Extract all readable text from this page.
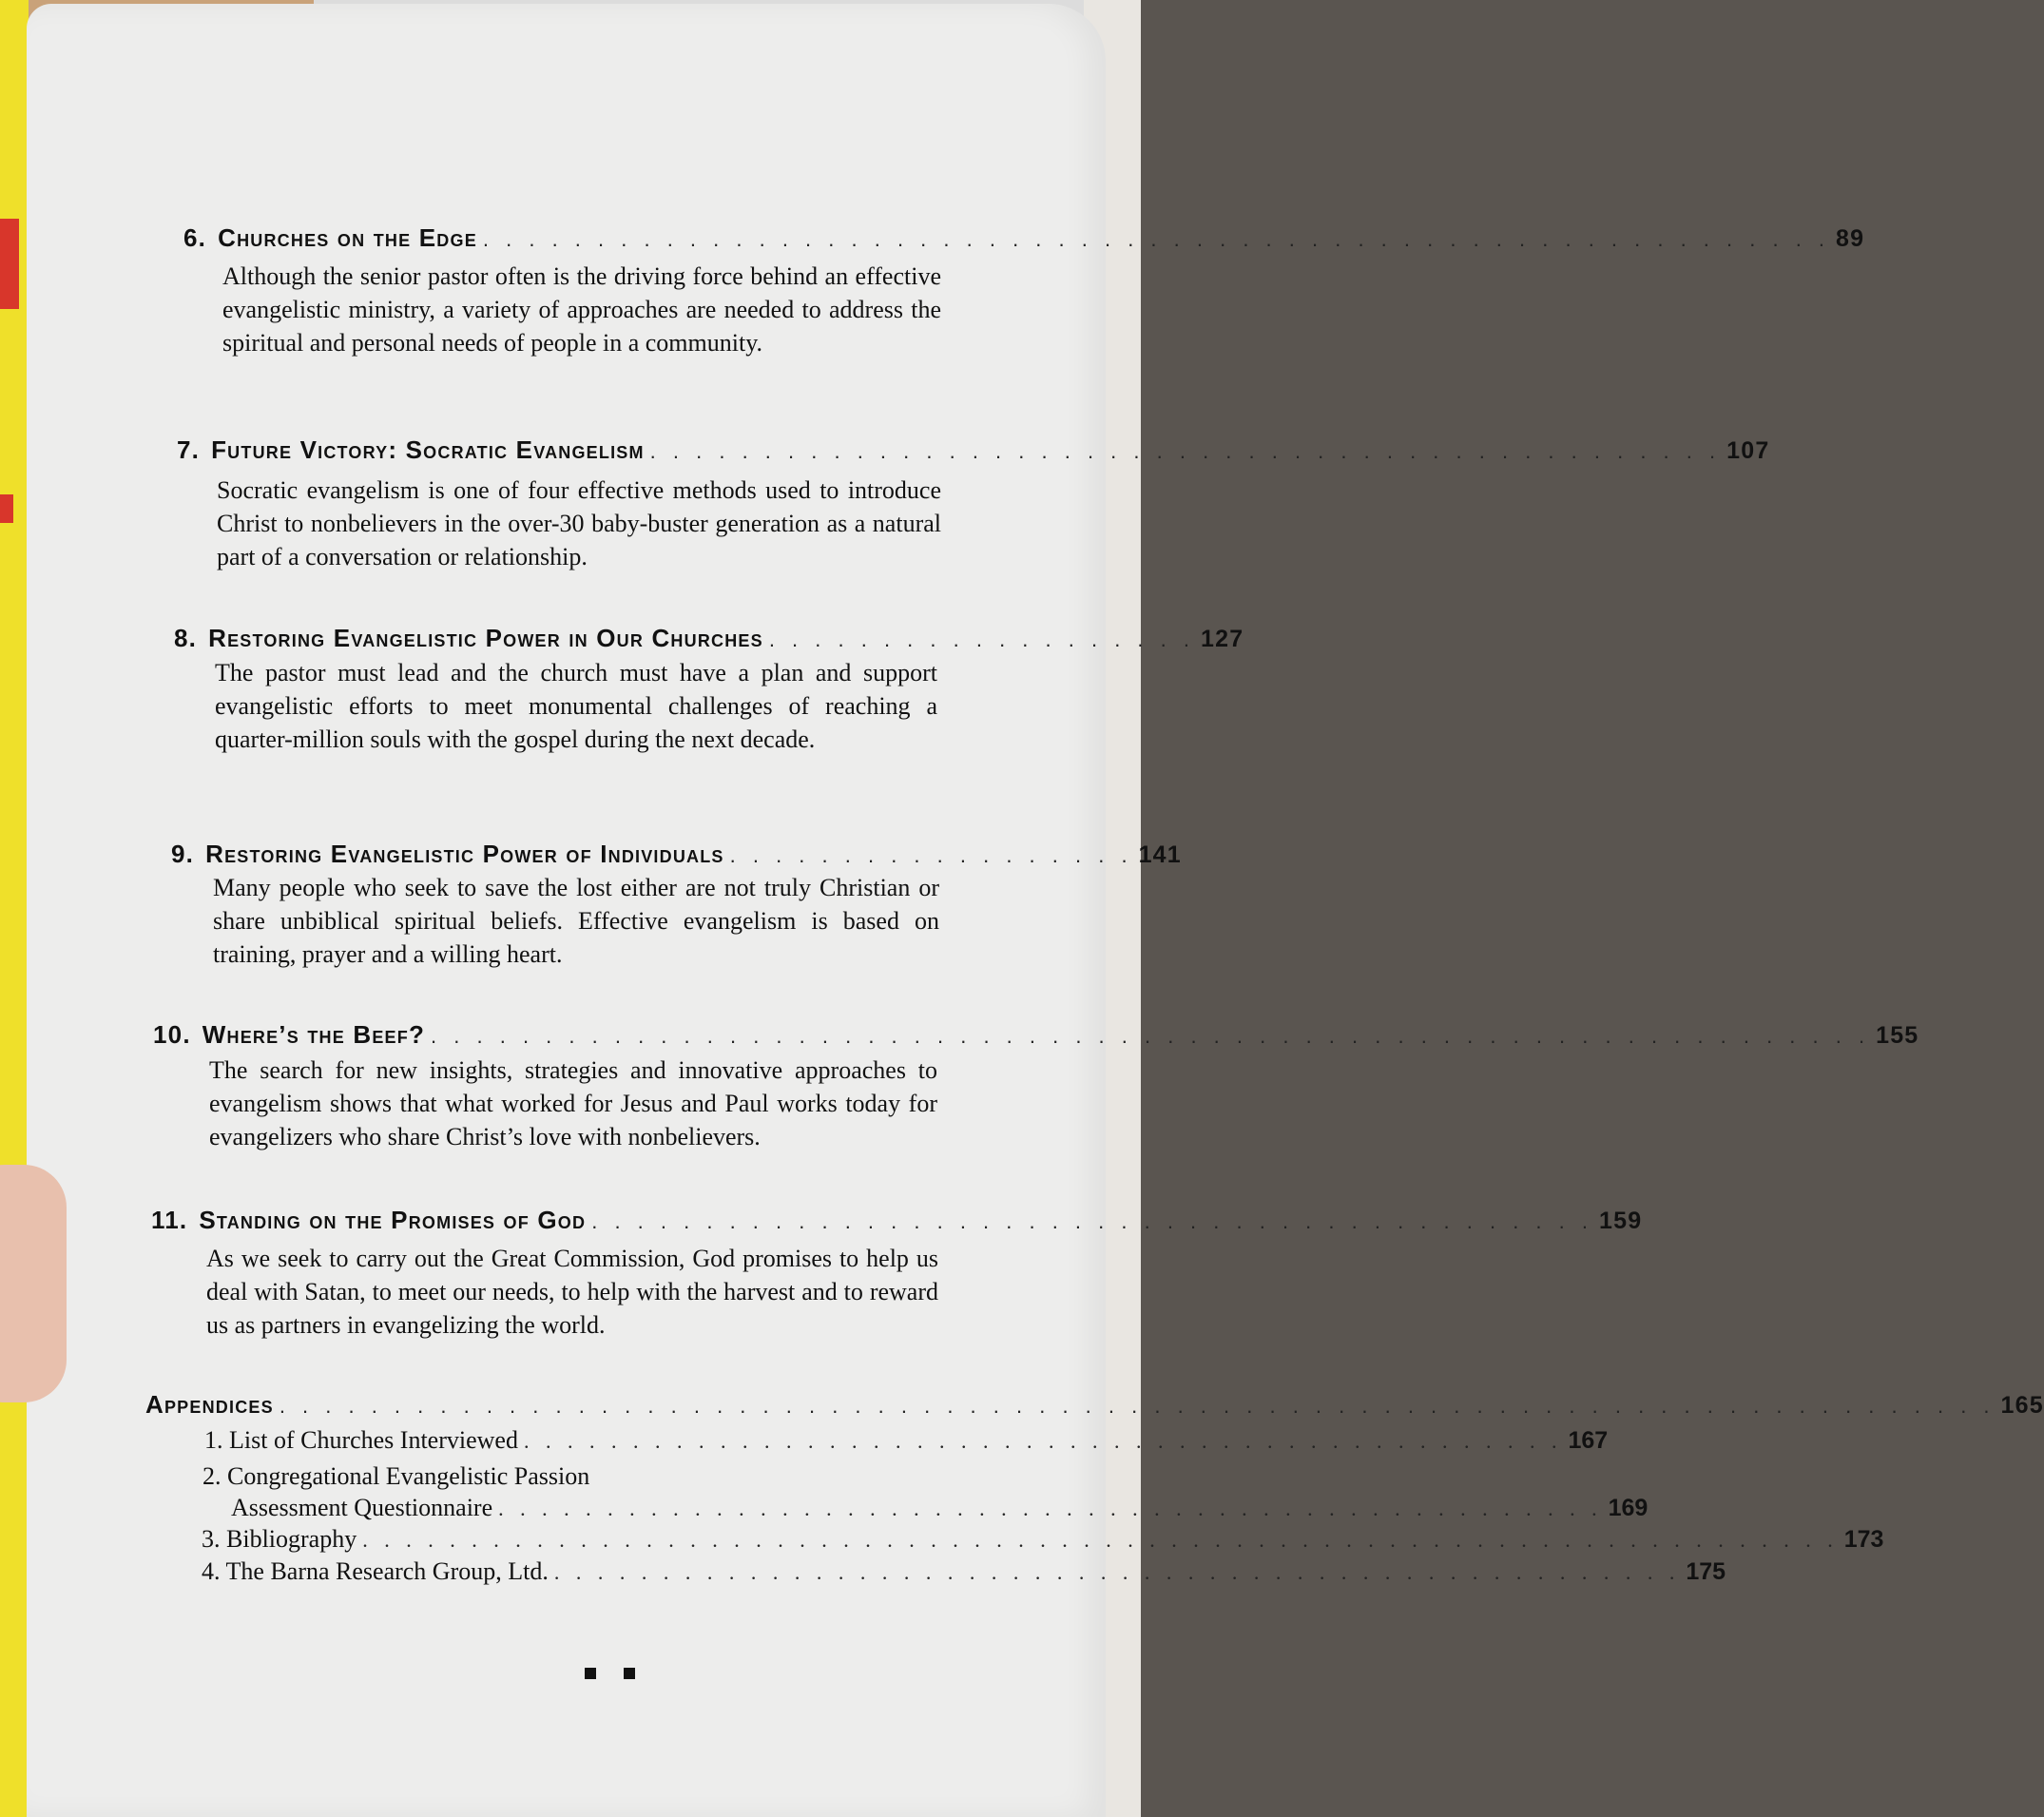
6. Churches on the Edge . . . . . . . . . . . . . . . . . . . . . . . . . . . . . . . . . . . . . . . . . . . . . . . . . . . . . . . . . . . 89
Although the senior pastor often is the driving force behind an effective evangelistic ministry, a variety of approaches are needed to address the spiritual and personal needs of people in a community.
7. Future Victory: Socratic Evangelism . . . . . . . . . . . . . . . . . . . . . . . . . . . . . . . . . . . . . . . . . . . . . . . 107
Socratic evangelism is one of four effective methods used to introduce Christ to nonbelievers in the over-30 baby-buster generation as a natural part of a conversation or relationship.
8. Restoring Evangelistic Power in Our Churches . . . . . . . . . . . . . . . . . . . 127
The pastor must lead and the church must have a plan and support evangelistic efforts to meet monumental challenges of reaching a quarter-million souls with the gospel during the next decade.
9. Restoring Evangelistic Power of Individuals . . . . . . . . . . . . . . . . . . 141
Many people who seek to save the lost either are not truly Christian or share unbiblical spiritual beliefs. Effective evangelism is based on training, prayer and a willing heart.
10. Where’s the Beef? . . . . . . . . . . . . . . . . . . . . . . . . . . . . . . . . . . . . . . . . . . . . . . . . . . . . . . . . . . . . . . . 155
The search for new insights, strategies and innovative approaches to evangelism shows that what worked for Jesus and Paul works today for evangelizers who share Christ’s love with nonbelievers.
11. Standing on the Promises of God . . . . . . . . . . . . . . . . . . . . . . . . . . . . . . . . . . . . . . . . . . . . 159
As we seek to carry out the Great Commission, God promises to help us deal with Satan, to meet our needs, to help with the harvest and to reward us as partners in evangelizing the world.
Appendices . . . . . . . . . . . . . . . . . . . . . . . . . . . . . . . . . . . . . . . . . . . . . . . . . . . . . . . . . . . . . . . . . . . . . . . . . . . 165
1. List of Churches Interviewed . . . . . . . . . . . . . . . . . . . . . . . . . . . . . . . . . . . . . . . . . . . . . . . . 167
2. Congregational Evangelistic Passion
Assessment Questionnaire . . . . . . . . . . . . . . . . . . . . . . . . . . . . . . . . . . . . . . . . . . . . . . . . . . . 169
3. Bibliography . . . . . . . . . . . . . . . . . . . . . . . . . . . . . . . . . . . . . . . . . . . . . . . . . . . . . . . . . . . . . . . . . . . . 173
4. The Barna Research Group, Ltd. . . . . . . . . . . . . . . . . . . . . . . . . . . . . . . . . . . . . . . . . . . . . . . . . . . . . 175
